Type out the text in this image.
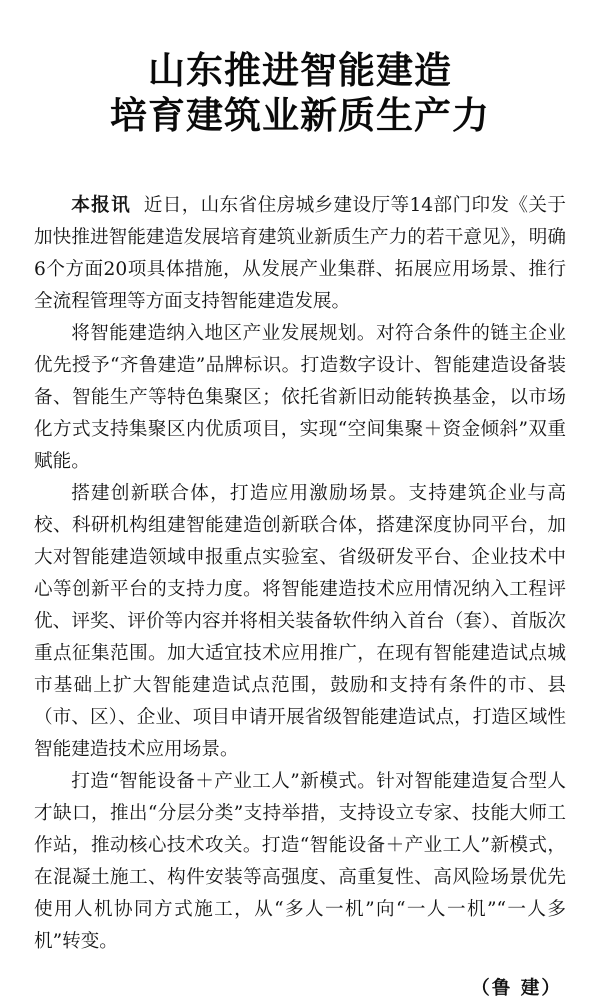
山东推进智能建造
培育建筑业新质生产力

本报讯 近日，山东省住房城乡建设厅等14部门印发《关于加快推进智能建造发展培育建筑业新质生产力的若干意见》，明确6个方面20项具体措施，从发展产业集群、拓展应用场景、推行全流程管理等方面支持智能建造发展。

将智能建造纳入地区产业发展规划。对符合条件的链主企业优先授予“齐鲁建造”品牌标识。打造数字设计、智能建造设备装备、智能生产等特色集聚区；依托省新旧动能转换基金，以市场化方式支持集聚区内优质项目，实现“空间集聚＋资金倾斜”双重赋能。

搭建创新联合体，打造应用激励场景。支持建筑企业与高校、科研机构组建智能建造创新联合体，搭建深度协同平台，加大对智能建造领域申报重点实验室、省级研发平台、企业技术中心等创新平台的支持力度。将智能建造技术应用情况纳入工程评优、评奖、评价等内容并将相关装备软件纳入首台（套）、首版次重点征集范围。加大适宜技术应用推广，在现有智能建造试点城市基础上扩大智能建造试点范围，鼓励和支持有条件的市、县（市、区）、企业、项目申请开展省级智能建造试点，打造区域性智能建造技术应用场景。

打造“智能设备＋产业工人”新模式。针对智能建造复合型人才缺口，推出“分层分类”支持举措，支持设立专家、技能大师工作站，推动核心技术攻关。打造“智能设备＋产业工人”新模式，在混凝土施工、构件安装等高强度、高重复性、高风险场景优先使用人机协同方式施工，从“多人一机”向“一人一机”“一人多机”转变。

（鲁 建）
